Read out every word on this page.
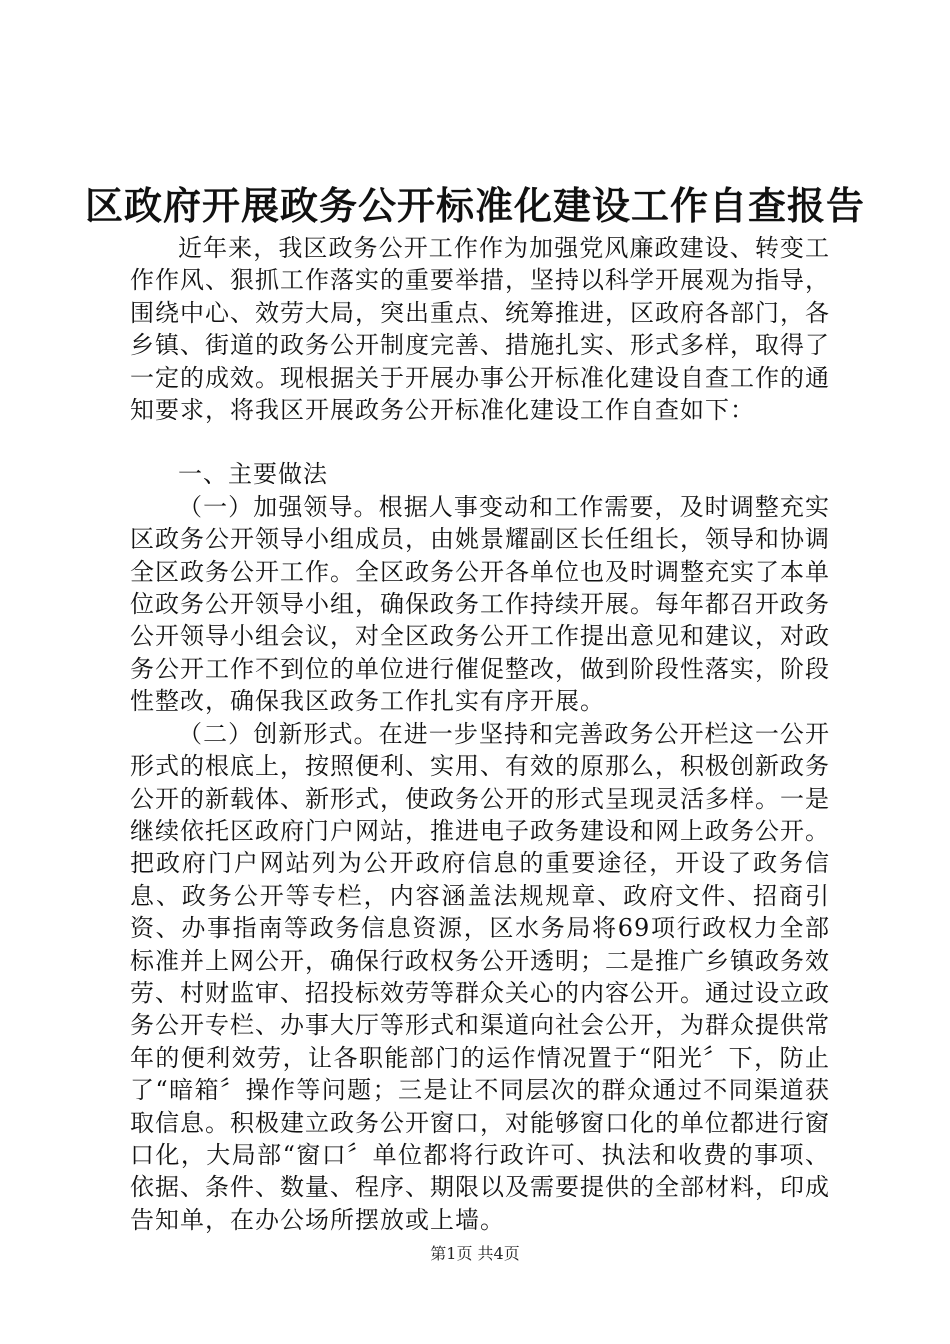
区政府开展政务公开标准化建设工作自查报告

近年来，我区政务公开工作作为加强党风廉政建设、转变工作作风、狠抓工作落实的重要举措，坚持以科学开展观为指导，围绕中心、效劳大局，突出重点、统筹推进，区政府各部门，各乡镇、街道的政务公开制度完善、措施扎实、形式多样，取得了一定的成效。现根据关于开展办事公开标准化建设自查工作的通知要求，将我区开展政务公开标准化建设工作自查如下：

一、主要做法

（一）加强领导。根据人事变动和工作需要，及时调整充实区政务公开领导小组成员，由姚景耀副区长任组长，领导和协调全区政务公开工作。全区政务公开各单位也及时调整充实了本单位政务公开领导小组，确保政务工作持续开展。每年都召开政务公开领导小组会议，对全区政务公开工作提出意见和建议，对政务公开工作不到位的单位进行催促整改，做到阶段性落实，阶段性整改，确保我区政务工作扎实有序开展。

（二）创新形式。在进一步坚持和完善政务公开栏这一公开形式的根底上，按照便利、实用、有效的原那么，积极创新政务公开的新载体、新形式，使政务公开的形式呈现灵活多样。一是继续依托区政府门户网站，推进电子政务建设和网上政务公开。把政府门户网站列为公开政府信息的重要途径，开设了政务信息、政务公开等专栏，内容涵盖法规规章、政府文件、招商引资、办事指南等政务信息资源，区水务局将69项行政权力全部标准并上网公开，确保行政权务公开透明；二是推广乡镇政务效劳、村财监审、招投标效劳等群众关心的内容公开。通过设立政务公开专栏、办事大厅等形式和渠道向社会公开，为群众提供常年的便利效劳，让各职能部门的运作情况置于“阳光〞下，防止了“暗箱〞操作等问题；三是让不同层次的群众通过不同渠道获取信息。积极建立政务公开窗口，对能够窗口化的单位都进行窗口化，大局部“窗口〞单位都将行政许可、执法和收费的事项、依据、条件、数量、程序、期限以及需要提供的全部材料，印成告知单，在办公场所摆放或上墙。

第1页 共4页
